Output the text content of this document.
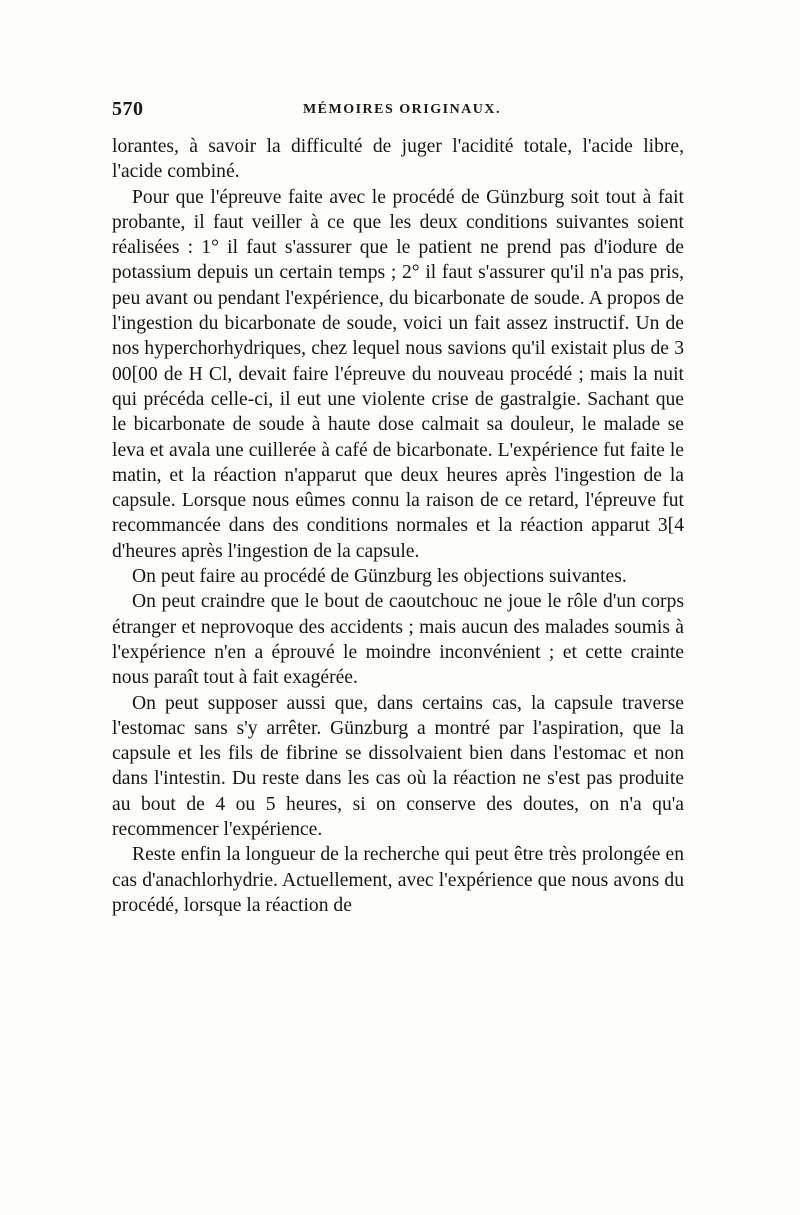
570	MÉMOIRES ORIGINAUX.

lorantes, à savoir la difficulté de juger l'acidité totale, l'acide libre, l'acide combiné.

Pour que l'épreuve faite avec le procédé de Günzburg soit tout à fait probante, il faut veiller à ce que les deux conditions suivantes soient réalisées : 1° il faut s'assurer que le patient ne prend pas d'iodure de potassium depuis un certain temps ; 2° il faut s'assurer qu'il n'a pas pris, peu avant ou pendant l'expérience, du bicarbonate de soude. A propos de l'ingestion du bicarbonate de soude, voici un fait assez instructif. Un de nos hyperchorhydriques, chez lequel nous savions qu'il existait plus de 3 00[00 de H Cl, devait faire l'épreuve du nouveau procédé ; mais la nuit qui précéda celle-ci, il eut une violente crise de gastralgie. Sachant que le bicarbonate de soude à haute dose calmait sa douleur, le malade se leva et avala une cuillerée à café de bicarbonate. L'expérience fut faite le matin, et la réaction n'apparut que deux heures après l'ingestion de la capsule. Lorsque nous eûmes connu la raison de ce retard, l'épreuve fut recommancée dans des conditions normales et la réaction apparut 3[4 d'heures après l'ingestion de la capsule.

On peut faire au procédé de Günzburg les objections suivantes.

On peut craindre que le bout de caoutchouc ne joue le rôle d'un corps étranger et neprovoque des accidents ; mais aucun des malades soumis à l'expérience n'en a éprouvé le moindre inconvénient ; et cette crainte nous paraît tout à fait exagérée.

On peut supposer aussi que, dans certains cas, la capsule traverse l'estomac sans s'y arrêter. Günzburg a montré par l'aspiration, que la capsule et les fils de fibrine se dissolvaient bien dans l'estomac et non dans l'intestin. Du reste dans les cas où la réaction ne s'est pas produite au bout de 4 ou 5 heures, si on conserve des doutes, on n'a qu'a recommencer l'expérience.

Reste enfin la longueur de la recherche qui peut être très prolongée en cas d'anachlorhydrie. Actuellement, avec l'expérience que nous avons du procédé, lorsque la réaction de
